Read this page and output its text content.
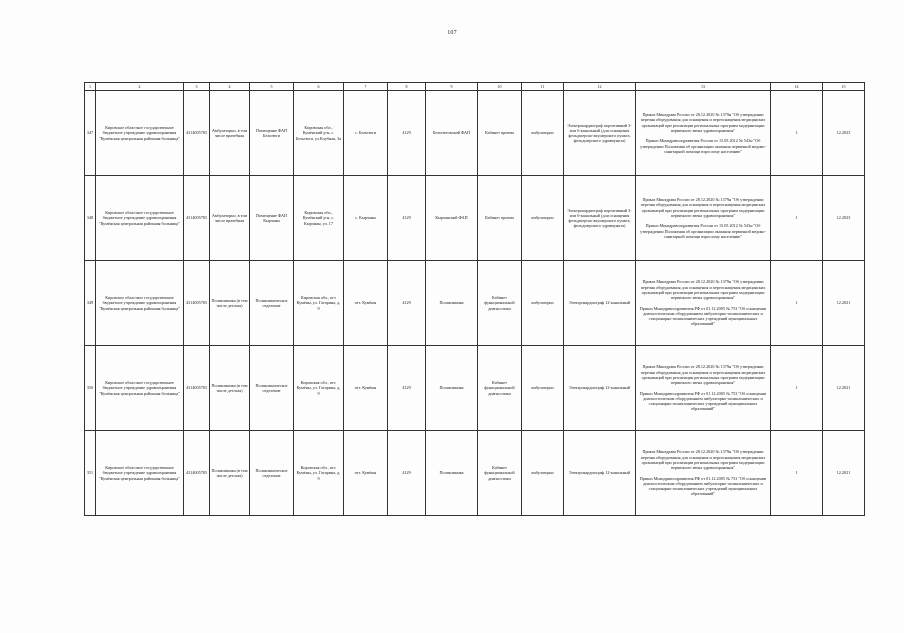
107
1	2	3	4	5	6	7	8	9	10	11	12	13	14	15
347	Кировское областное государственное бюджетное учреждение здравоохранения "Кумёнская центральная районная больница"	4314005783	Амбулаторно, в том числе врачебная	Помещение ФАП Бельтюги	Кировская обл., Кумёнский р-н, с. Бельтюги, ул.Клубная, 3а	с. Бельтюги	4129	Бельтюговский ФАП	Кабинет приема	амбулаторно	Электрокардиограф портативный 3- или 6-канальный (для оснащения фельдшерско-акушерского пункта, фельдшерского здравпункта)	Приказ Минздрава России от 28.12.2020 № 1379н "Об утверждении перечня оборудования для оснащения и переоснащения медицинских организаций при реализации региональных программ модернизации первичного звена здравоохранения"

Приказ Минздравсоцразвития России от 15.05.2012 № 543н "Об утверждении Положения об организации оказания первичной медико-санитарной помощи взрослому населению"	1	12.2023
348	Кировское областное государственное бюджетное учреждение здравоохранения "Кумёнская центральная районная больница"	4314005783	Амбулаторно, в том числе врачебная	Помещение ФАП Кырчаны	Кировская обл., Кумёнский р-н, с. Кырчаны, ул. 17	с. Кырчаны	4129	Кырчанский ФАП	Кабинет приема	амбулаторно	Электрокардиограф портативный 3- или 6-канальный (для оснащения фельдшерско-акушерского пункта, фельдшерского здравпункта)	Приказ Минздрава России от 28.12.2020 № 1379н "Об утверждении перечня оборудования для оснащения и переоснащения медицинских организаций при реализации региональных программ модернизации первичного звена здравоохранения"

Приказ Минздравсоцразвития России от 15.05.2012 № 543н "Об утверждении Положения об организации оказания первичной медико-санитарной помощи взрослому населению"	1	12.2023
349	Кировское областное государственное бюджетное учреждение здравоохранения "Кумёнская центральная районная больница"	4314005783	Поликлиника (в том числе детская)	Поликлиническое отделение	Кировская обл., пгт Кумёны, ул. Гагарина, д. 9	пгт. Кумёны	4129	Поликлиника	Кабинет функциональной диагностики	амбулаторно	Электрокардиограф 12-канальный	Приказ Минздрава России от 28.12.2020 № 1379н "Об утверждении перечня оборудования для оснащения и переоснащения медицинских организаций при реализации региональных программ модернизации первичного звена здравоохранения"

Приказ Минздравсоцразвития РФ от 01.12.2005 № 753 "Об оснащении диагностическим оборудованием амбулаторно-поликлинических и стационарно-поликлинических учреждений муниципальных образований"	1	12.2021
350	Кировское областное государственное бюджетное учреждение здравоохранения "Кумёнская центральная районная больница"	4314005783	Поликлиника (в том числе детская)	Поликлиническое отделение	Кировская обл., пгт. Кумёны, ул. Гагарина, д. 9	пгт. Кумёны	4129	Поликлиника	Кабинет функциональной диагностики	амбулаторно	Электрокардиограф 12-канальный	Приказ Минздрава России от 28.12.2020 № 1379н "Об утверждении перечня оборудования для оснащения и переоснащения медицинских организаций при реализации региональных программ модернизации первичного звена здравоохранения"

Приказ Минздравсоцразвития РФ от 01.12.2005 № 753 "Об оснащении диагностическим оборудованием амбулаторно-поликлинических и стационарно-поликлинических учреждений муниципальных образований"	1	12.2021
351	Кировское областное государственное бюджетное учреждение здравоохранения "Кумёнская центральная районная больница"	4314005783	Поликлиника (в том числе детская)	Поликлиническое отделение	Кировская обл., пгт. Кумёны, ул. Гагарина, д. 9	пгт. Кумёны	4129	Поликлиника	Кабинет функциональной диагностики	амбулаторно	Электрокардиограф 12-канальный	Приказ Минздрава России от 28.12.2020 № 1379н "Об утверждении перечня оборудования для оснащения и переоснащения медицинских организаций при реализации региональных программ модернизации первичного звена здравоохранения"

Приказ Минздравсоцразвития РФ от 01.12.2005 № 753 "Об оснащении диагностическим оборудованием амбулаторно-поликлинических и стационарно-поликлинических учреждений муниципальных образований"	1	12.2021
